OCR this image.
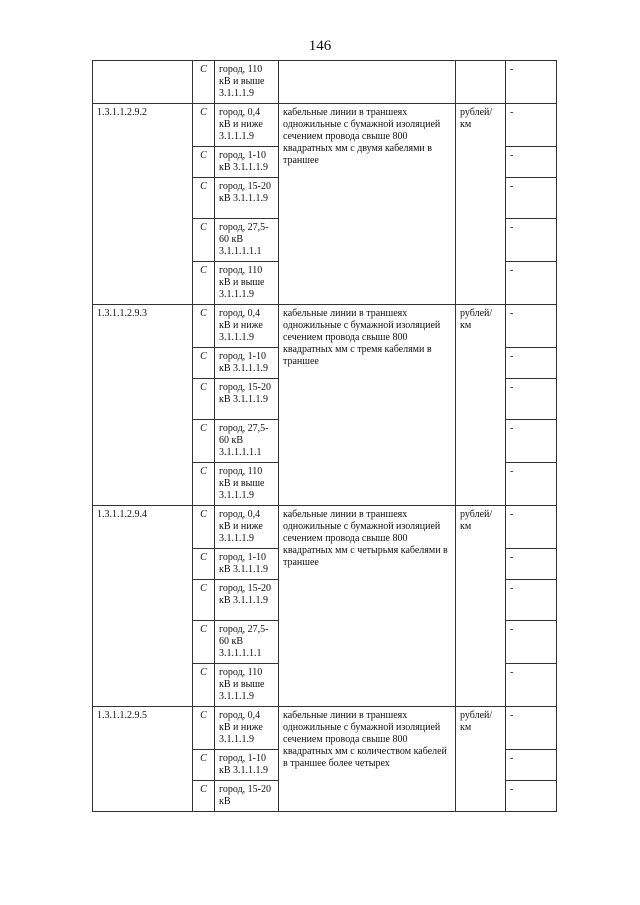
146
	C	город, 110 кВ и выше 3.1.1.1.9			-
1.3.1.1.2.9.2	C	город, 0,4 кВ и ниже 3.1.1.1.9	кабельные линии в траншеях одножильные с бумажной изоляцией сечением провода свыше 800 квадратных мм с двумя кабелями в траншее	рублей/ км	-
	C	город, 1-10 кВ 3.1.1.1.9			-
	C	город, 15-20 кВ 3.1.1.1.9			-
	C	город, 27,5-60 кВ 3.1.1.1.1.1			-
	C	город, 110 кВ и выше 3.1.1.1.9			-
1.3.1.1.2.9.3	C	город, 0,4 кВ и ниже 3.1.1.1.9	кабельные линии в траншеях одножильные с бумажной изоляцией сечением провода свыше 800 квадратных мм с тремя кабелями в траншее	рублей/ км	-
	C	город, 1-10 кВ 3.1.1.1.9			-
	C	город, 15-20 кВ 3.1.1.1.9			-
	C	город, 27,5-60 кВ 3.1.1.1.1.1			-
	C	город, 110 кВ и выше 3.1.1.1.9			-
1.3.1.1.2.9.4	C	город, 0,4 кВ и ниже 3.1.1.1.9	кабельные линии в траншеях одножильные с бумажной изоляцией сечением провода свыше 800 квадратных мм с четырьмя кабелями в траншее	рублей/ км	-
	C	город, 1-10 кВ 3.1.1.1.9			-
	C	город, 15-20 кВ 3.1.1.1.9			-
	C	город, 27,5-60 кВ 3.1.1.1.1.1			-
	C	город, 110 кВ и выше 3.1.1.1.9			-
1.3.1.1.2.9.5	C	город, 0,4 кВ и ниже 3.1.1.1.9	кабельные линии в траншеях одножильные с бумажной изоляцией сечением провода свыше 800 квадратных мм с количеством кабелей в траншее более четырех	рублей/ км	-
	C	город, 1-10 кВ 3.1.1.1.9			-
	C	город, 15-20 кВ			-
